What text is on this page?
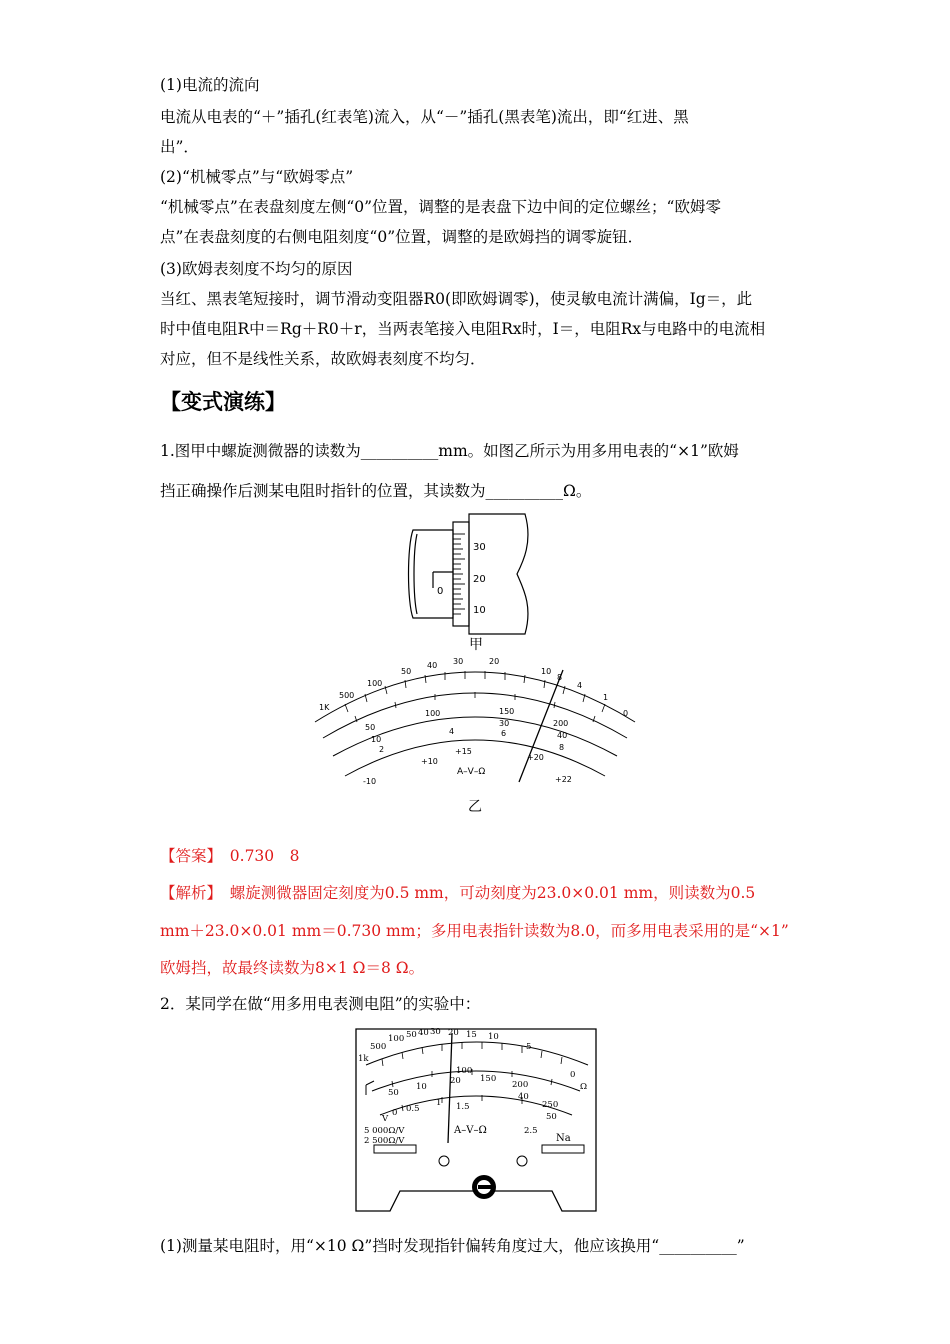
(1)电流的流向
电流从电表的“＋”插孔(红表笔)流入，从“－”插孔(黑表笔)流出，即“红进、黑
出”．
(2)“机械零点”与“欧姆零点”
“机械零点”在表盘刻度左侧“0”位置，调整的是表盘下边中间的定位螺丝；“欧姆零
点”在表盘刻度的右侧电阻刻度“0”位置，调整的是欧姆挡的调零旋钮．
(3)欧姆表刻度不均匀的原因
当红、黑表笔短接时，调节滑动变阻器R0(即欧姆调零)，使灵敏电流计满偏，Ig＝，此
时中值电阻R中＝Rg＋R0＋r，当两表笔接入电阻Rx时，I＝，电阻Rx与电路中的电流相
对应，但不是线性关系，故欧姆表刻度不均匀．
【变式演练】
1.图甲中螺旋测微器的读数为__________mm。如图乙所示为用多用电表的“×1”欧姆
挡正确操作后测某电阻时指针的位置，其读数为__________Ω。
30
20
10
0
甲
1K
500
100
50
40 30	20
10
8
4
1
0
50
100	150
200
10
30
40
2
4	6
8
-10
+10
+15
+20
+22
A–V–Ω
乙
【答案】　 0.730　8
【解析】　 螺旋测微器固定刻度为0.5 mm，可动刻度为23.0×0.01 mm，则读数为0.5
mm＋23.0×0.01 mm＝0.730 mm；多用电表指针读数为8.0，而多用电表采用的是“×1”
欧姆挡，故最终读数为8×1 Ω＝8 Ω。
2．某同学在做“用多用电表测电阻”的实验中：
1k
500
100 50 40 30 20 15 10
5
0
Ω
50
100
150
200
250
10
20
40
50
V
0 0.5
1 1.5
2.5
5 000Ω/V
2 500Ω/V
A–V–Ω
Na
(1)测量某电阻时，用“×10 Ω”挡时发现指针偏转角度过大，他应该换用“__________”
